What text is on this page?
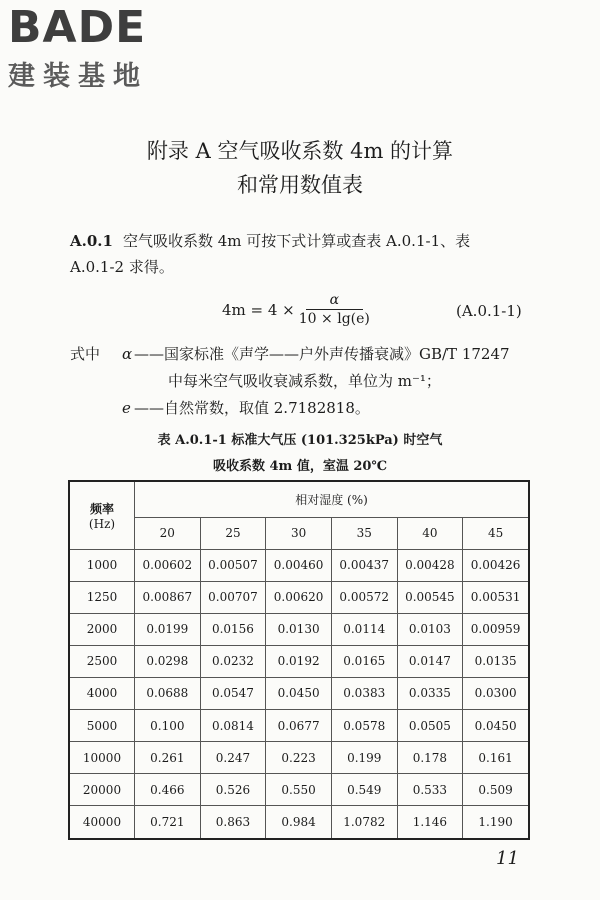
BADE
建装基地
附录 A 空气吸收系数 4m 的计算
和常用数值表
A.0.1 空气吸收系数 4m 可按下式计算或查表 A.0.1-1、表
A.0.1-2 求得。
$4m = 4 \times \frac{\alpha}{10 \times \lg(e)}$	(A.0.1-1)
式中 α ——国家标准《声学——户外声传播衰减》GB/T 17247
中每米空气吸收衰减系数，单位为 m⁻¹；
e ——自然常数，取值 2.7182818。
表 A.0.1-1 标准大气压 (101.325kPa) 时空气
吸收系数 4m 值，室温 20℃
频率
(Hz)	相对湿度 (%)					
	20	25	30	35	40	45
1000	0.00602	0.00507	0.00460	0.00437	0.00428	0.00426
1250	0.00867	0.00707	0.00620	0.00572	0.00545	0.00531
2000	0.0199	0.0156	0.0130	0.0114	0.0103	0.00959
2500	0.0298	0.0232	0.0192	0.0165	0.0147	0.0135
4000	0.0688	0.0547	0.0450	0.0383	0.0335	0.0300
5000	0.100	0.0814	0.0677	0.0578	0.0505	0.0450
10000	0.261	0.247	0.223	0.199	0.178	0.161
20000	0.466	0.526	0.550	0.549	0.533	0.509
40000	0.721	0.863	0.984	1.0782	1.146	1.190
11
